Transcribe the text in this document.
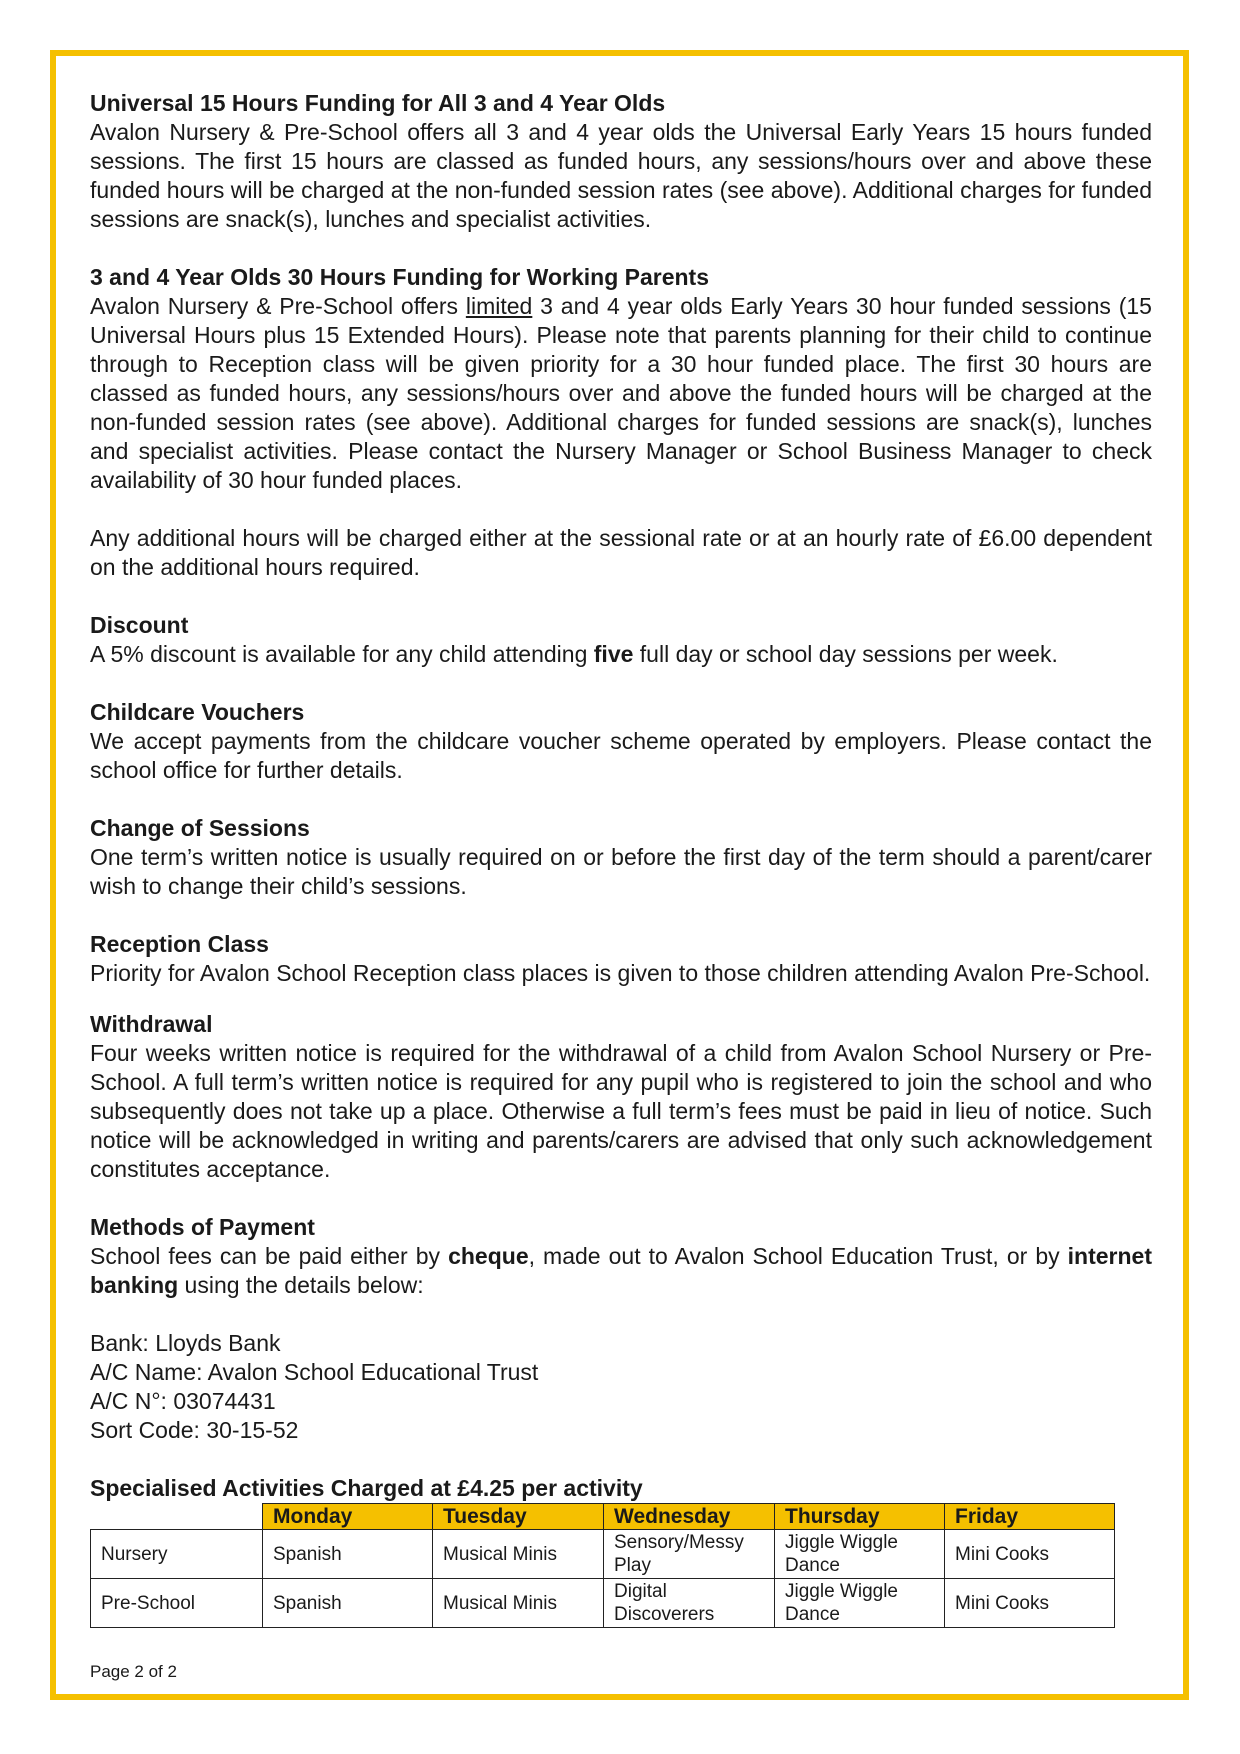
Universal 15 Hours Funding for All 3 and 4 Year Olds

Avalon Nursery & Pre-School offers all 3 and 4 year olds the Universal Early Years 15 hours funded sessions. The first 15 hours are classed as funded hours, any sessions/hours over and above these funded hours will be charged at the non-funded session rates (see above). Additional charges for funded sessions are snack(s), lunches and specialist activities.

3 and 4 Year Olds 30 Hours Funding for Working Parents

Avalon Nursery & Pre-School offers limited 3 and 4 year olds Early Years 30 hour funded sessions (15 Universal Hours plus 15 Extended Hours). Please note that parents planning for their child to continue through to Reception class will be given priority for a 30 hour funded place. The first 30 hours are classed as funded hours, any sessions/hours over and above the funded hours will be charged at the non-funded session rates (see above). Additional charges for funded sessions are snack(s), lunches and specialist activities. Please contact the Nursery Manager or School Business Manager to check availability of 30 hour funded places.

Any additional hours will be charged either at the sessional rate or at an hourly rate of £6.00 dependent on the additional hours required.

Discount

A 5% discount is available for any child attending five full day or school day sessions per week.

Childcare Vouchers

We accept payments from the childcare voucher scheme operated by employers. Please contact the school office for further details.

Change of Sessions

One term’s written notice is usually required on or before the first day of the term should a parent/carer wish to change their child’s sessions.

Reception Class

Priority for Avalon School Reception class places is given to those children attending Avalon Pre-School.

Withdrawal

Four weeks written notice is required for the withdrawal of a child from Avalon School Nursery or Pre-School. A full term’s written notice is required for any pupil who is registered to join the school and who subsequently does not take up a place. Otherwise a full term’s fees must be paid in lieu of notice. Such notice will be acknowledged in writing and parents/carers are advised that only such acknowledgement constitutes acceptance.

Methods of Payment

School fees can be paid either by cheque, made out to Avalon School Education Trust, or by internet banking using the details below:

Bank: Lloyds Bank

A/C Name: Avalon School Educational Trust

A/C N°: 03074431

Sort Code: 30-15-52

Specialised Activities Charged at £4.25 per activity
	Monday	Tuesday	Wednesday	Thursday	Friday
Nursery	Spanish	Musical Minis	Sensory/Messy Play	Jiggle Wiggle Dance	Mini Cooks
Pre-School	Spanish	Musical Minis	Digital Discoverers	Jiggle Wiggle Dance	Mini Cooks
Page 2 of 2
